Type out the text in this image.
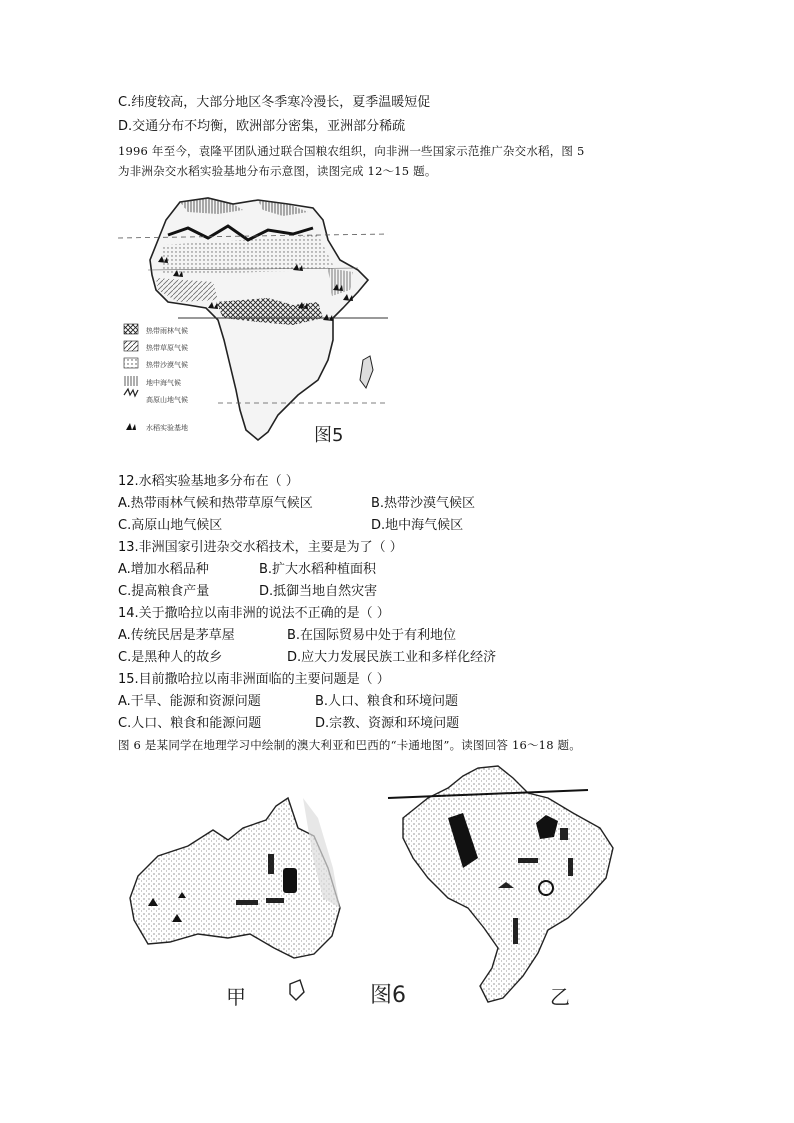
C.纬度较高，大部分地区冬季寒冷漫长，夏季温暖短促
D.交通分布不均衡，欧洲部分密集，亚洲部分稀疏
1996 年至今，袁隆平团队通过联合国粮农组织，向非洲一些国家示范推广杂交水稻，图 5
为非洲杂交水稻实验基地分布示意图，读图完成 12～15 题。
热带雨林气候
热带草原气候
热带沙漠气候
地中海气候
高原山地气候
水稻实验基地	图5
12.水稻实验基地多分布在（ ）
A.热带雨林气候和热带草原气候区	B.热带沙漠气候区
C.高原山地气候区	D.地中海气候区
13.非洲国家引进杂交水稻技术，主要是为了（ ）
A.增加水稻品种	B.扩大水稻种植面积
C.提高粮食产量	D.抵御当地自然灾害
14.关于撒哈拉以南非洲的说法不正确的是（ ）
A.传统民居是茅草屋	B.在国际贸易中处于有利地位
C.是黑种人的故乡	D.应大力发展民族工业和多样化经济
15.目前撒哈拉以南非洲面临的主要问题是（ ）
A.干旱、能源和资源问题	B.人口、粮食和环境问题
C.人口、粮食和能源问题	D.宗教、资源和环境问题
图 6 是某同学在地理学习中绘制的澳大利亚和巴西的“卡通地图”。读图回答 16～18 题。
甲	图6	乙
